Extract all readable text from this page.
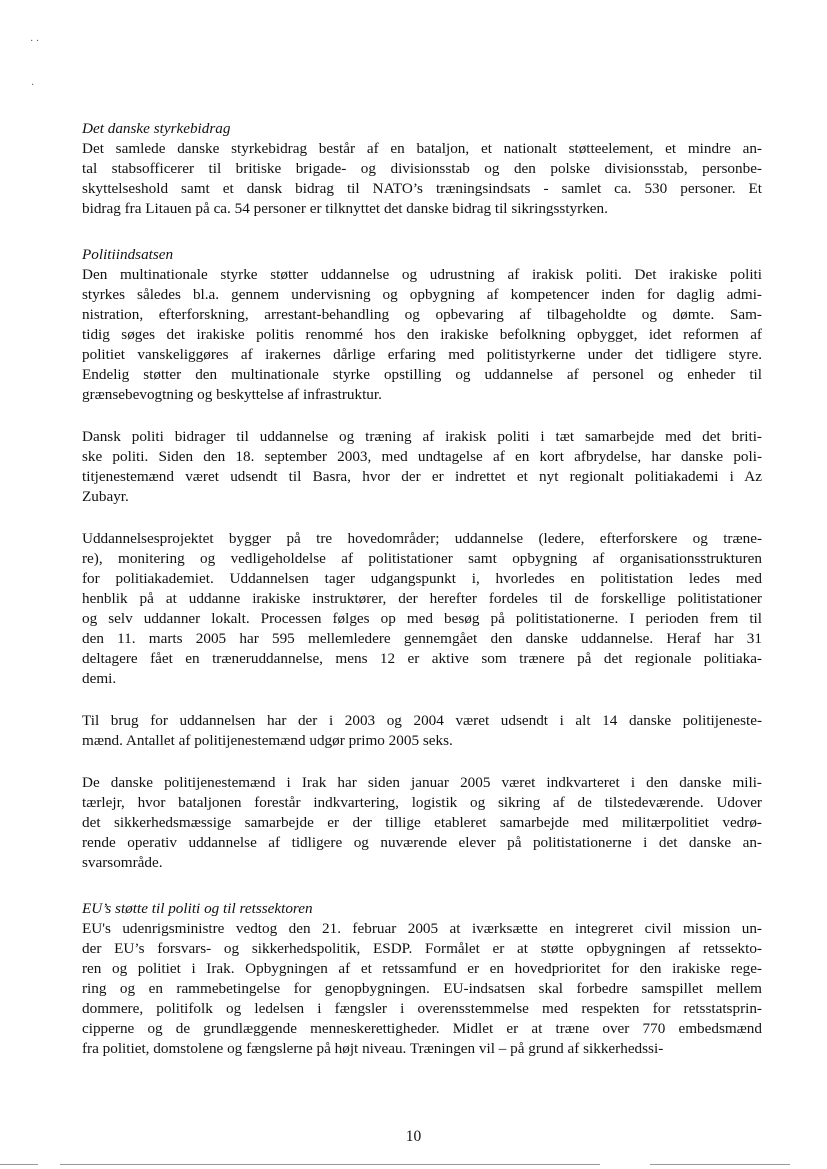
· ·
·
Det danske styrkebidrag
Det samlede danske styrkebidrag består af en bataljon, et nationalt støtteelement, et mindre an-
tal stabsofficerer til britiske brigade- og divisionsstab og den polske divisionsstab, personbe-
skyttelseshold samt et dansk bidrag til NATO’s træningsindsats - samlet ca. 530 personer. Et
bidrag fra Litauen på ca. 54 personer er tilknyttet det danske bidrag til sikringsstyrken.
Politiindsatsen
Den multinationale styrke støtter uddannelse og udrustning af irakisk politi. Det irakiske politi
styrkes således bl.a. gennem undervisning og opbygning af kompetencer inden for daglig admi-
nistration, efterforskning, arrestant-behandling og opbevaring af tilbageholdte og dømte. Sam-
tidig søges det irakiske politis renommé hos den irakiske befolkning opbygget, idet reformen af
politiet vanskeliggøres af irakernes dårlige erfaring med politistyrkerne under det tidligere styre.
Endelig støtter den multinationale styrke opstilling og uddannelse af personel og enheder til
grænsebevogtning og beskyttelse af infrastruktur.
Dansk politi bidrager til uddannelse og træning af irakisk politi i tæt samarbejde med det briti-
ske politi. Siden den 18. september 2003, med undtagelse af en kort afbrydelse, har danske poli-
titjenestemænd været udsendt til Basra, hvor der er indrettet et nyt regionalt politiakademi i Az
Zubayr.
Uddannelsesprojektet bygger på tre hovedområder; uddannelse (ledere, efterforskere og træne-
re), monitering og vedligeholdelse af politistationer samt opbygning af organisationsstrukturen
for politiakademiet. Uddannelsen tager udgangspunkt i, hvorledes en politistation ledes med
henblik på at uddanne irakiske instruktører, der herefter fordeles til de forskellige politistationer
og selv uddanner lokalt. Processen følges op med besøg på politistationerne. I perioden frem til
den 11. marts 2005 har 595 mellemledere gennemgået den danske uddannelse. Heraf har 31
deltagere fået en træneruddannelse, mens 12 er aktive som trænere på det regionale politiaka-
demi.
Til brug for uddannelsen har der i 2003 og 2004 været udsendt i alt 14 danske politijeneste-
mænd. Antallet af politijenestemænd udgør primo 2005 seks.
De danske politijenestemænd i Irak har siden januar 2005 været indkvarteret i den danske mili-
tærlejr, hvor bataljonen forestår indkvartering, logistik og sikring af de tilstedeværende. Udover
det sikkerhedsmæssige samarbejde er der tillige etableret samarbejde med militærpolitiet vedrø-
rende operativ uddannelse af tidligere og nuværende elever på politistationerne i det danske an-
svarsområde.
EU’s støtte til politi og til retssektoren
EU's udenrigsministre vedtog den 21. februar 2005 at iværksætte en integreret civil mission un-
der EU’s forsvars- og sikkerhedspolitik, ESDP. Formålet er at støtte opbygningen af retssekto-
ren og politiet i Irak. Opbygningen af et retssamfund er en hovedprioritet for den irakiske rege-
ring og en rammebetingelse for genopbygningen. EU-indsatsen skal forbedre samspillet mellem
dommere, politifolk og ledelsen i fængsler i overensstemmelse med respekten for retsstatsprin-
cipperne og de grundlæggende menneskerettigheder. Midlet er at træne over 770 embedsmænd
fra politiet, domstolene og fængslerne på højt niveau. Træningen vil – på grund af sikkerhedssi-
10
